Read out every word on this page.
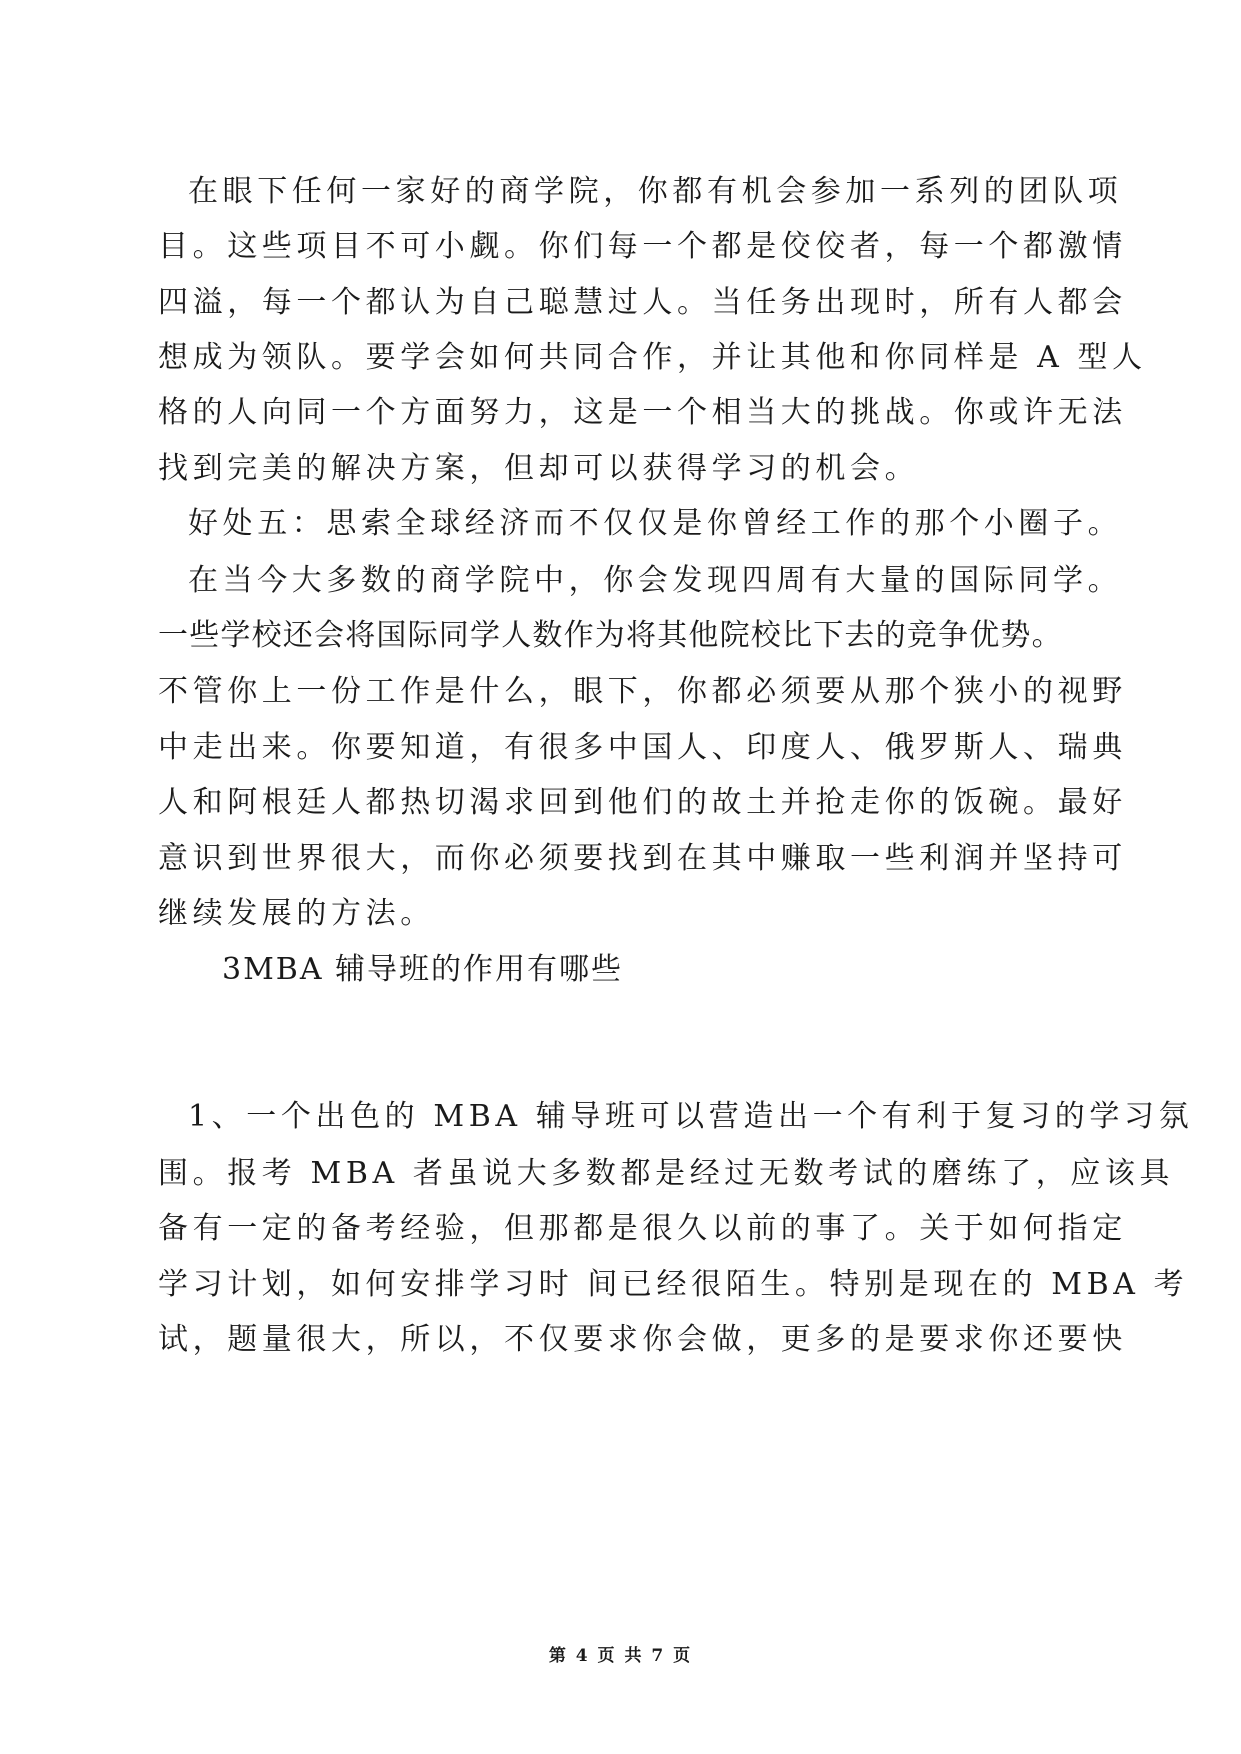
在眼下任何一家好的商学院，你都有机会参加一系列的团队项
目。这些项目不可小觑。你们每一个都是佼佼者，每一个都激情
四溢，每一个都认为自己聪慧过人。当任务出现时，所有人都会
想成为领队。要学会如何共同合作，并让其他和你同样是 A 型人
格的人向同一个方面努力，这是一个相当大的挑战。你或许无法
找到完美的解决方案，但却可以获得学习的机会。
好处五：思索全球经济而不仅仅是你曾经工作的那个小圈子。
在当今大多数的商学院中，你会发现四周有大量的国际同学。
一些学校还会将国际同学人数作为将其他院校比下去的竞争优势。
不管你上一份工作是什么，眼下，你都必须要从那个狭小的视野
中走出来。你要知道，有很多中国人、印度人、俄罗斯人、瑞典
人和阿根廷人都热切渴求回到他们的故土并抢走你的饭碗。最好
意识到世界很大，而你必须要找到在其中赚取一些利润并坚持可
继续发展的方法。
3MBA 辅导班的作用有哪些
1、一个出色的 MBA 辅导班可以营造出一个有利于复习的学习氛
围。报考 MBA 者虽说大多数都是经过无数考试的磨练了，应该具
备有一定的备考经验，但那都是很久以前的事了。关于如何指定
学习计划，如何安排学习时 间已经很陌生。特别是现在的 MBA 考
试，题量很大，所以，不仅要求你会做，更多的是要求你还要快
第 4 页 共 7 页
